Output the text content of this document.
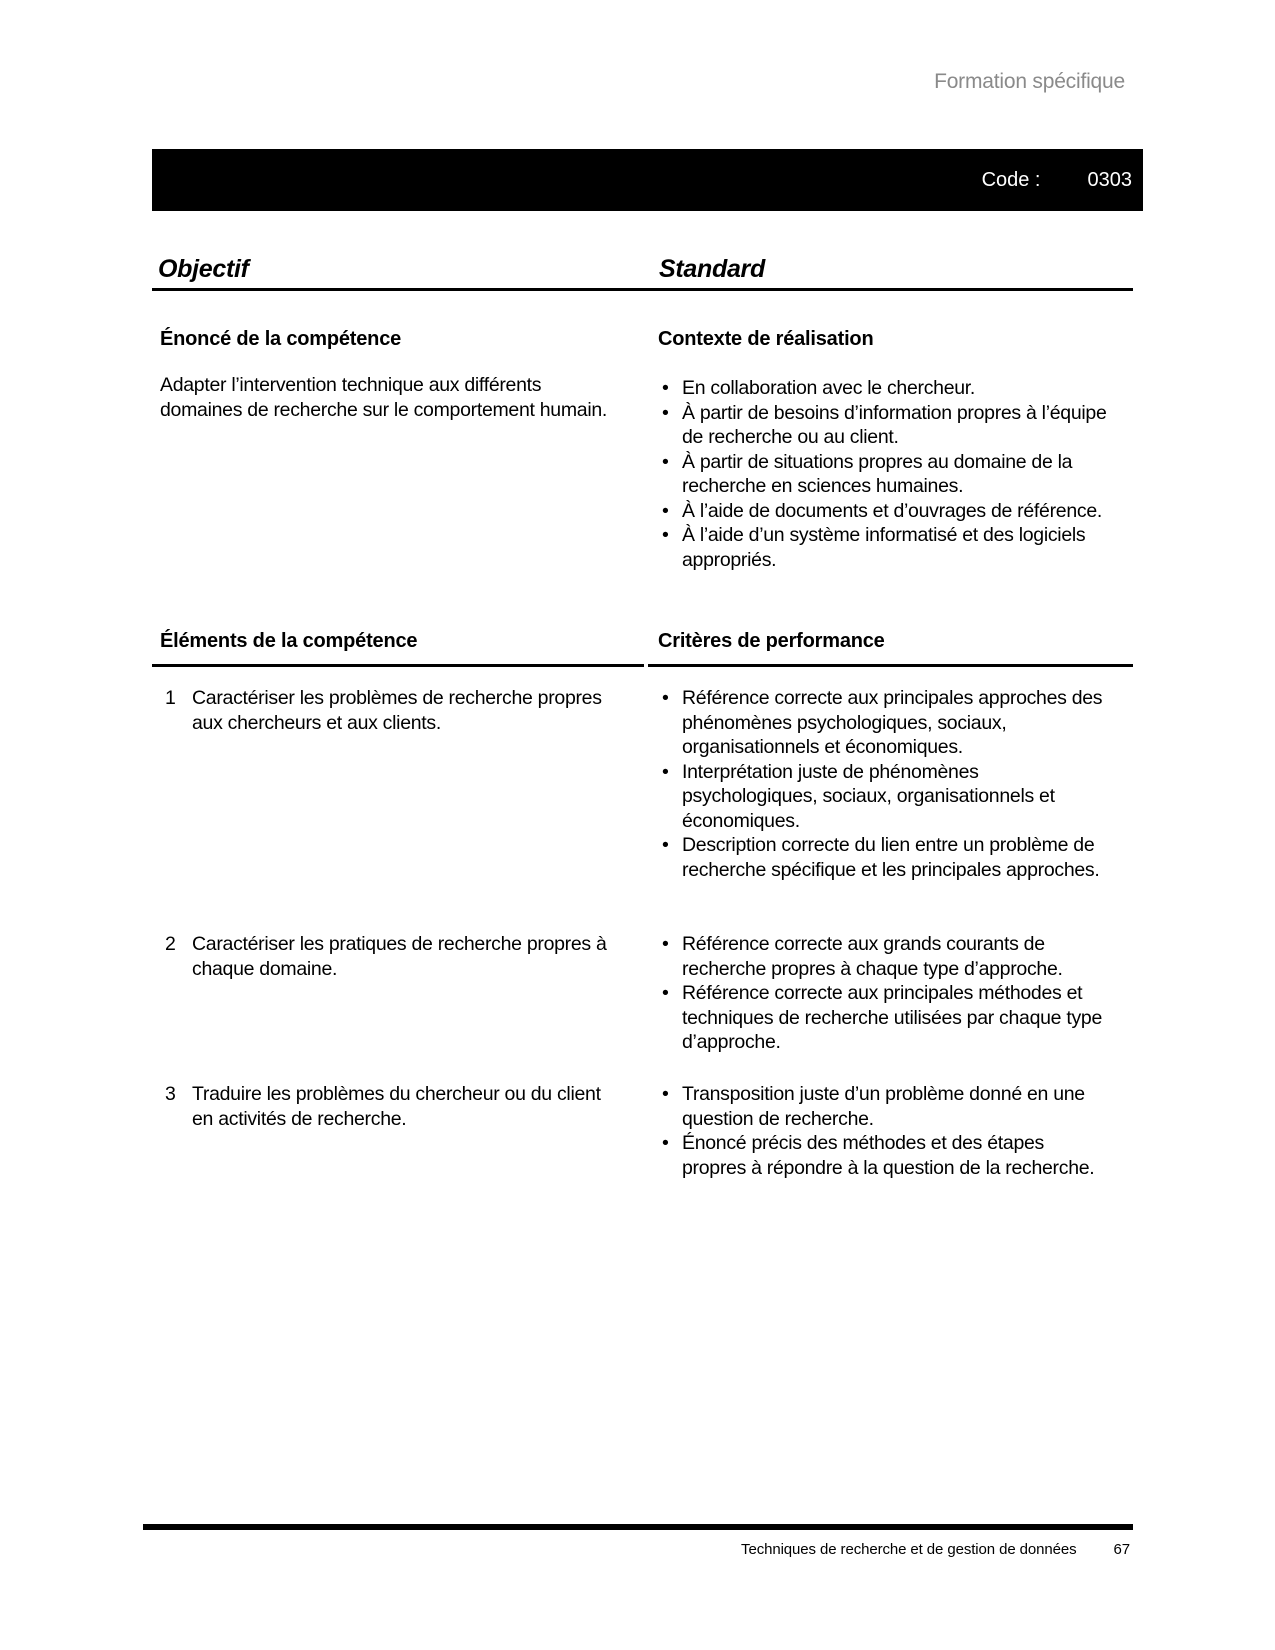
Formation spécifique
Code : 0303
Objectif	Standard
Énoncé de la compétence
Adapter l’intervention technique aux différents domaines de recherche sur le comportement humain.
Contexte de réalisation
•
En collaboration avec le chercheur.
•
À partir de besoins d’information propres à l’équipe de recherche ou au client.
•
À partir de situations propres au domaine de la recherche en sciences humaines.
•
À l’aide de documents et d’ouvrages de référence.
•
À l’aide d’un système informatisé et des logiciels appropriés.
Éléments de la compétence	Critères de performance
1 Caractériser les problèmes de recherche propres aux chercheurs et aux clients.
•
Référence correcte aux principales approches des phénomènes psychologiques, sociaux, organisationnels et économiques.
•
Interprétation juste de phénomènes psychologiques, sociaux, organisationnels et économiques.
•
Description correcte du lien entre un problème de recherche spécifique et les principales approches.
2 Caractériser les pratiques de recherche propres à chaque domaine.
•
Référence correcte aux grands courants de recherche propres à chaque type d’approche.
•
Référence correcte aux principales méthodes et techniques de recherche utilisées par chaque type d’approche.
3 Traduire les problèmes du chercheur ou du client en activités de recherche.
•
Transposition juste d’un problème donné en une question de recherche.
•
Énoncé précis des méthodes et des étapes propres à répondre à la question de la recherche.
Techniques de recherche et de gestion de données 67
